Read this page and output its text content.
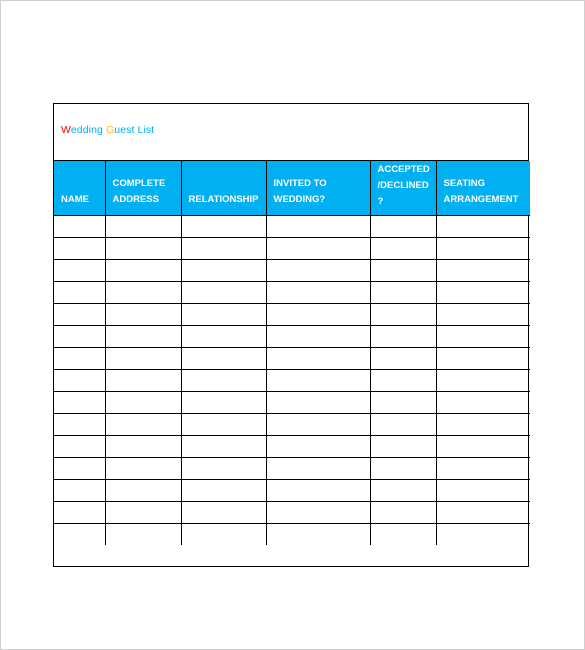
Wedding Guest List
NAME	COMPLETE ADDRESS	RELATIONSHIP	INVITED TO WEDDING?	ACCEPTED /DECLINED ?	SEATING ARRANGEMENT
